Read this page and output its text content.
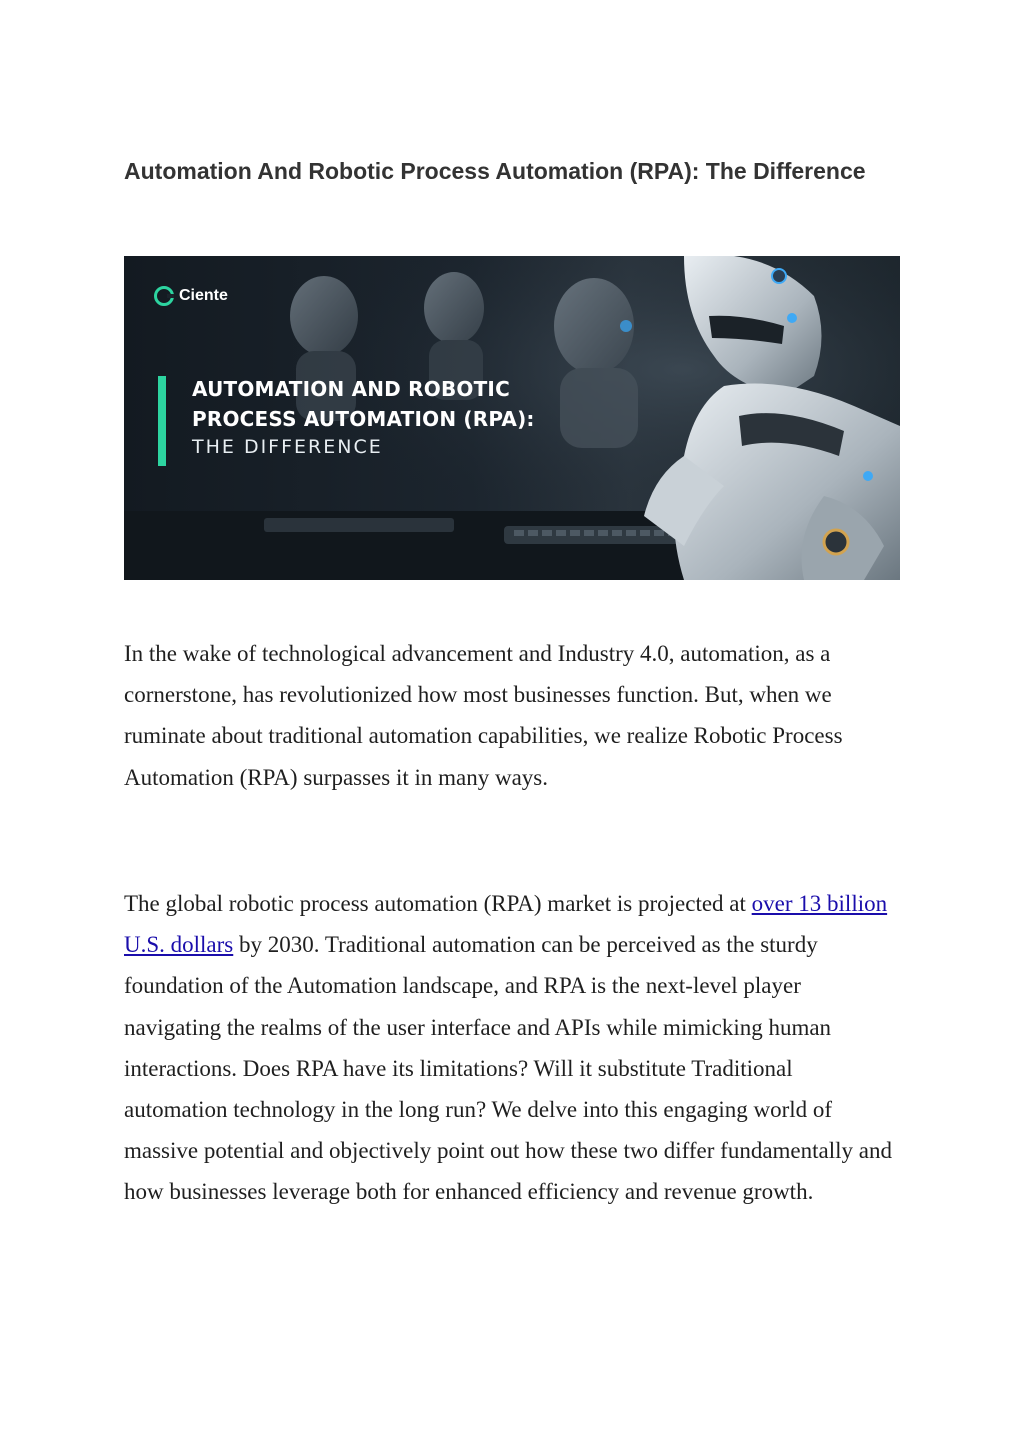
Automation And Robotic Process Automation (RPA): The Difference
Ciente
AUTOMATION AND ROBOTIC
PROCESS AUTOMATION (RPA):
THE DIFFERENCE

In the wake of technological advancement and Industry 4.0, automation, as a cornerstone, has revolutionized how most businesses function. But, when we ruminate about traditional automation capabilities, we realize Robotic Process Automation (RPA) surpasses it in many ways.

The global robotic process automation (RPA) market is projected at over 13 billion U.S. dollars by 2030. Traditional automation can be perceived as the sturdy foundation of the Automation landscape, and RPA is the next-level player navigating the realms of the user interface and APIs while mimicking human interactions. Does RPA have its limitations? Will it substitute Traditional automation technology in the long run? We delve into this engaging world of massive potential and objectively point out how these two differ fundamentally and how businesses leverage both for enhanced efficiency and revenue growth.
